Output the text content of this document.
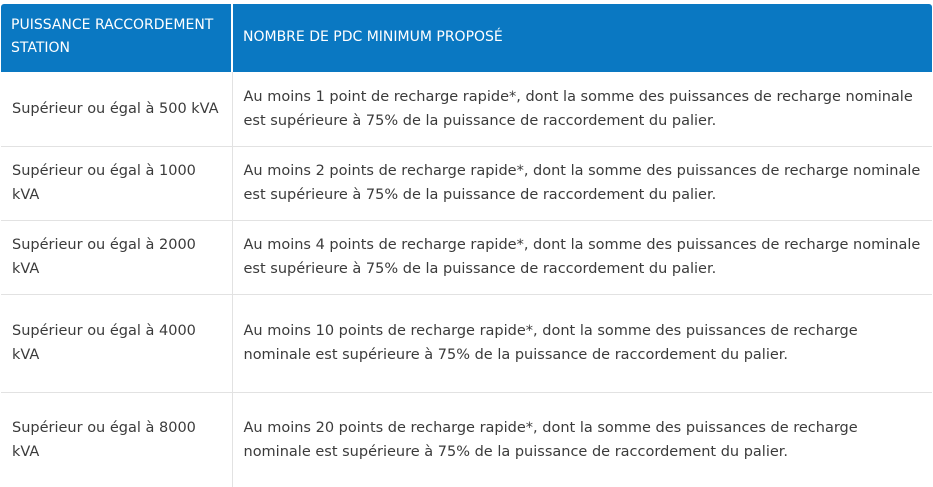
PUISSANCE RACCORDEMENT STATION	NOMBRE DE PDC MINIMUM PROPOSÉ
Supérieur ou égal à 500 kVA	Au moins 1 point de recharge rapide*, dont la somme des puissances de recharge nominale est supérieure à 75% de la puissance de raccordement du palier.
Supérieur ou égal à 1000 kVA	Au moins 2 points de recharge rapide*, dont la somme des puissances de recharge nominale est supérieure à 75% de la puissance de raccordement du palier.
Supérieur ou égal à 2000 kVA	Au moins 4 points de recharge rapide*, dont la somme des puissances de recharge nominale est supérieure à 75% de la puissance de raccordement du palier.
Supérieur ou égal à 4000 kVA	Au moins 10 points de recharge rapide*, dont la somme des puissances de recharge nominale est supérieure à 75% de la puissance de raccordement du palier.
Supérieur ou égal à 8000 kVA	Au moins 20 points de recharge rapide*, dont la somme des puissances de recharge nominale est supérieure à 75% de la puissance de raccordement du palier.
